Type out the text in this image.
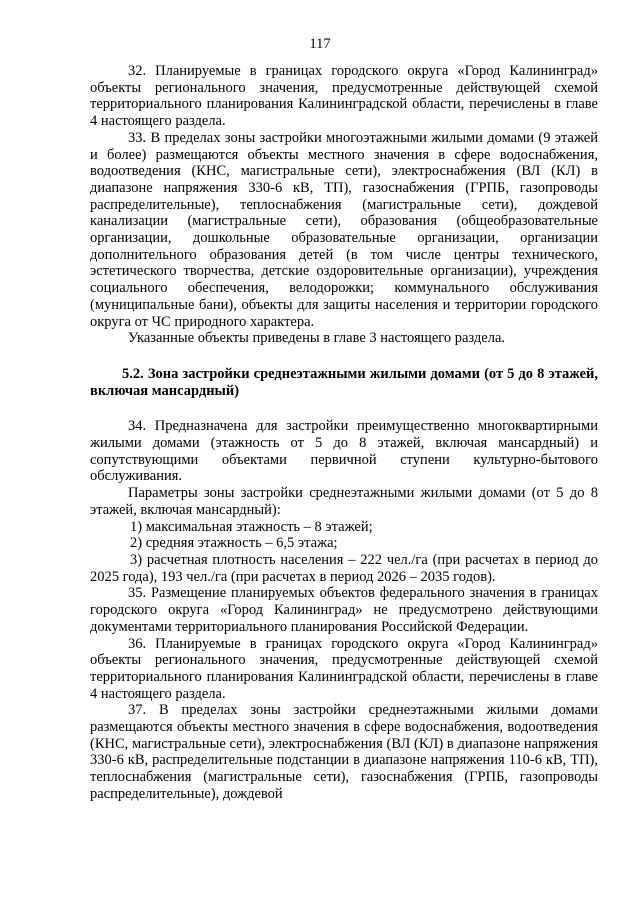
117

32. Планируемые в границах городского округа «Город Калининград» объекты регионального значения, предусмотренные действующей схемой территориального планирования Калининградской области, перечислены в главе 4 настоящего раздела.

33. В пределах зоны застройки многоэтажными жилыми домами (9 этажей и более) размещаются объекты местного значения в сфере водоснабжения, водоотведения (КНС, магистральные сети), электроснабжения (ВЛ (КЛ) в диапазоне напряжения 330-6 кВ, ТП), газоснабжения (ГРПБ, газопроводы распределительные), теплоснабжения (магистральные сети), дождевой канализации (магистральные сети), образования (общеобразовательные организации, дошкольные образовательные организации, организации дополнительного образования детей (в том числе центры технического, эстетического творчества, детские оздоровительные организации), учреждения социального обеспечения, велодорожки; коммунального обслуживания (муниципальные бани), объекты для защиты населения и территории городского округа от ЧС природного характера.

Указанные объекты приведены в главе 3 настоящего раздела.

5.2. Зона застройки среднеэтажными жилыми домами (от 5 до 8 этажей, включая мансардный)

34. Предназначена для застройки преимущественно многоквартирными жилыми домами (этажность от 5 до 8 этажей, включая мансардный) и сопутствующими объектами первичной ступени культурно-бытового обслуживания.

Параметры зоны застройки среднеэтажными жилыми домами (от 5 до 8 этажей, включая мансардный):

1) максимальная этажность – 8 этажей;

2) средняя этажность – 6,5 этажа;

3) расчетная плотность населения – 222 чел./га (при расчетах в период до 2025 года), 193 чел./га (при расчетах в период 2026 – 2035 годов).

35. Размещение планируемых объектов федерального значения в границах городского округа «Город Калининград» не предусмотрено действующими документами территориального планирования Российской Федерации.

36. Планируемые в границах городского округа «Город Калининград» объекты регионального значения, предусмотренные действующей схемой территориального планирования Калининградской области, перечислены в главе 4 настоящего раздела.

37. В пределах зоны застройки среднеэтажными жилыми домами размещаются объекты местного значения в сфере водоснабжения, водоотведения (КНС, магистральные сети), электроснабжения (ВЛ (КЛ) в диапазоне напряжения 330-6 кВ, распределительные подстанции в диапазоне напряжения 110-6 кВ, ТП), теплоснабжения (магистральные сети), газоснабжения (ГРПБ, газопроводы распределительные), дождевой
